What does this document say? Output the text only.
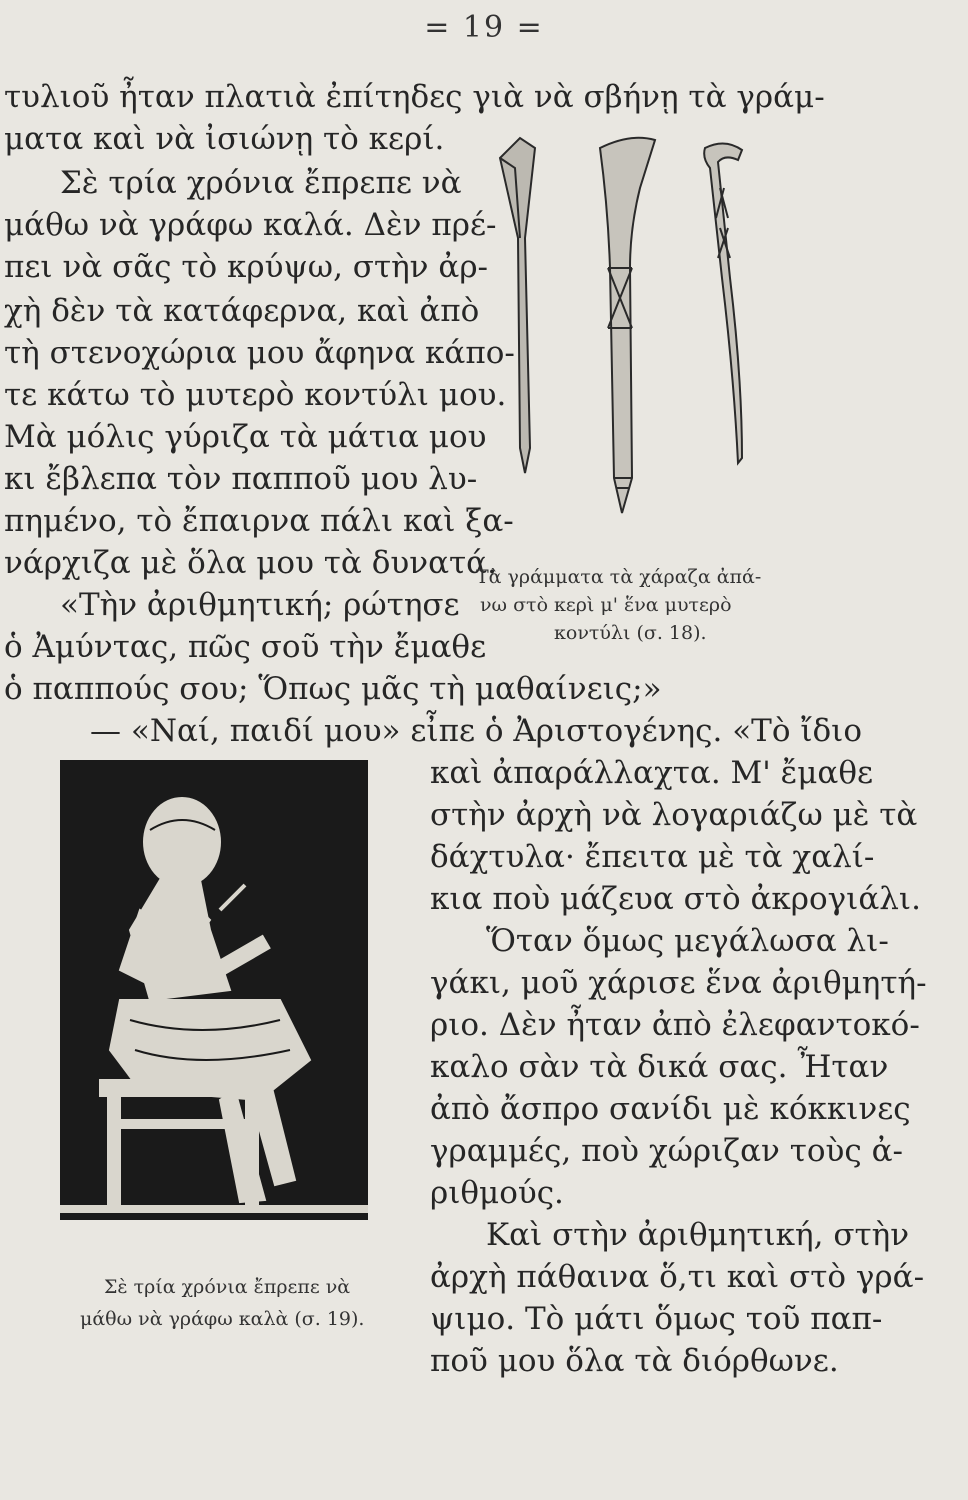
= 19 =
τυλιοῦ ἦταν πλατιὰ ἐπίτηδες γιὰ νὰ σβήνῃ τὰ γράμ-
ματα καὶ νὰ ἰσιώνῃ τὸ κερί.
Σὲ τρία χρόνια ἔπρεπε νὰ
μάθω νὰ γράφω καλά. Δὲν πρέ-
πει νὰ σᾶς τὸ κρύψω, στὴν ἀρ-
χὴ δὲν τὰ κατάφερνα, καὶ ἀπὸ
τὴ στενοχώρια μου ἄφηνα κάπο-
τε κάτω τὸ μυτερὸ κοντύλι μου.
Μὰ μόλις γύριζα τὰ μάτια μου
κι ἔβλεπα τὸν παπποῦ μου λυ-
πημένο, τὸ ἔπαιρνα πάλι καὶ ξα-
νάρχιζα μὲ ὅλα μου τὰ δυνατά.
«Τὴν ἀριθμητική; ρώτησε
ὁ Ἀμύντας, πῶς σοῦ τὴν ἔμαθε
ὁ παππούς σου; Ὅπως μᾶς τὴ μαθαίνεις;»
— «Ναί, παιδί μου» εἶπε ὁ Ἀριστογένης. «Τὸ ἴδιο
καὶ ἀπαράλλαχτα. Μ' ἔμαθε
στὴν ἀρχὴ νὰ λογαριάζω μὲ τὰ
δάχτυλα· ἔπειτα μὲ τὰ χαλί-
κια ποὺ μάζευα στὸ ἀκρογιάλι.
Ὅταν ὅμως μεγάλωσα λι-
γάκι, μοῦ χάρισε ἕνα ἀριθμητή-
ριο. Δὲν ἦταν ἀπὸ ἐλεφαντοκό-
καλο σὰν τὰ δικά σας. Ἦταν
ἀπὸ ἄσπρο σανίδι μὲ κόκκινες
γραμμές, ποὺ χώριζαν τοὺς ἀ-
ριθμούς.
Καὶ στὴν ἀριθμητική, στὴν
ἀρχὴ πάθαινα ὅ,τι καὶ στὸ γρά-
ψιμο. Τὸ μάτι ὅμως τοῦ παπ-
ποῦ μου ὅλα τὰ διόρθωνε.
Τὰ γράμματα τὰ χάραζα ἀπά-
νω στὸ κερὶ μ' ἕνα μυτερὸ
κοντύλι (σ. 18).
Σὲ τρία χρόνια ἔπρεπε νὰ
μάθω νὰ γράφω καλὰ (σ. 19).
